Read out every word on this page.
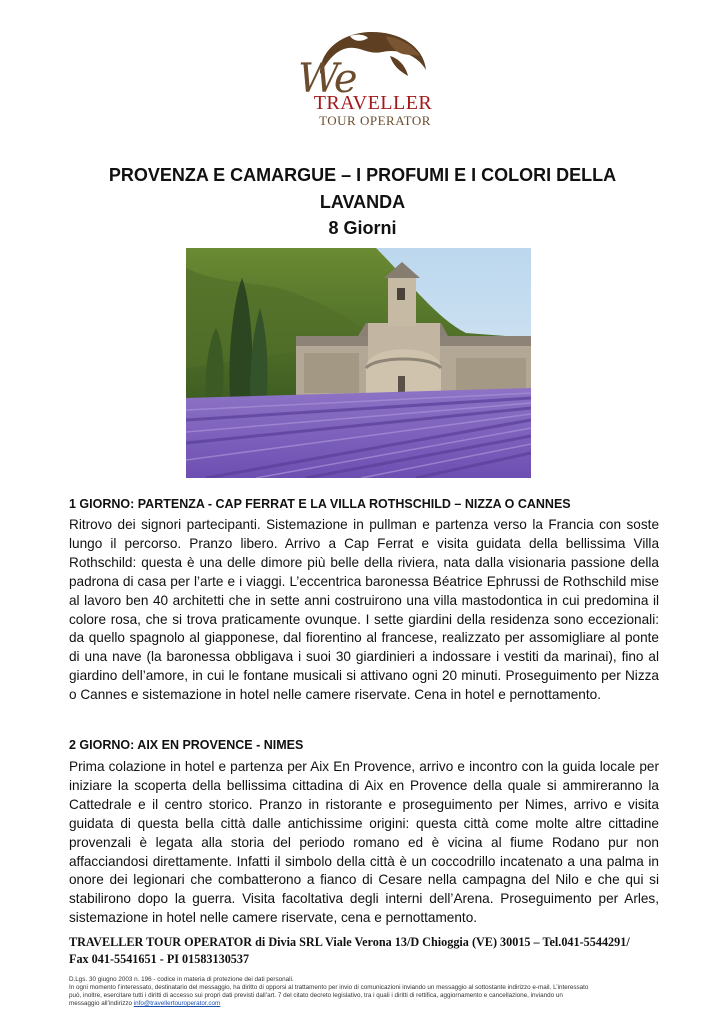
We
TRAVELLER
TOUR OPERATOR
PROVENZA E CAMARGUE – I PROFUMI E I COLORI DELLA
LAVANDA
8 Giorni
1 GIORNO: PARTENZA - CAP FERRAT E LA VILLA ROTHSCHILD – NIZZA O CANNES

Ritrovo dei signori partecipanti. Sistemazione in pullman e partenza verso la Francia con soste lungo il percorso. Pranzo libero. Arrivo a Cap Ferrat e visita guidata della bellissima Villa Rothschild: questa è una delle dimore più belle della riviera, nata dalla visionaria passione della padrona di casa per l’arte e i viaggi. L’eccentrica baronessa Béatrice Ephrussi de Rothschild mise al lavoro ben 40 architetti che in sette anni costruirono una villa mastodontica in cui predomina il colore rosa, che si trova praticamente ovunque. I sette giardini della residenza sono eccezionali: da quello spagnolo al giapponese, dal fiorentino al francese, realizzato per assomigliare al ponte di una nave (la baronessa obbligava i suoi 30 giardinieri a indossare i vestiti da marinai), fino al giardino dell’amore, in cui le fontane musicali si attivano ogni 20 minuti. Proseguimento per Nizza o Cannes e sistemazione in hotel nelle camere riservate. Cena in hotel e pernottamento.

2 GIORNO: AIX EN PROVENCE - NIMES

Prima colazione in hotel e partenza per Aix En Provence, arrivo e incontro con la guida locale per iniziare la scoperta della bellissima cittadina di Aix en Provence della quale si ammireranno la Cattedrale e il centro storico. Pranzo in ristorante e proseguimento per Nimes, arrivo e visita guidata di questa bella città dalle antichissime origini: questa città come molte altre cittadine provenzali è legata alla storia del periodo romano ed è vicina al fiume Rodano pur non affacciandosi direttamente. Infatti il simbolo della città è un coccodrillo incatenato a una palma in onore dei legionari che combatterono a fianco di Cesare nella campagna del Nilo e che qui si stabilirono dopo la guerra. Visita facoltativa degli interni dell’Arena. Proseguimento per Arles, sistemazione in hotel nelle camere riservate, cena e pernottamento.

TRAVELLER TOUR OPERATOR di Divia SRL Viale Verona 13/D Chioggia (VE) 30015 – Tel.041-5544291/
Fax 041-5541651 - PI 01583130537
D.Lgs. 30 giugno 2003 n. 196 - codice in materia di protezione dei dati personali.
In ogni momento l’interessato, destinatario del messaggio, ha diritto di opporsi al trattamento per invio di comunicazioni inviando un messaggio al sottostante indirizzo e-mail. L’interessato
può, inoltre, esercitare tutti i diritti di accesso sui propri dati previsti dall’art. 7 del citato decreto legislativo, tra i quali i diritti di rettifica, aggiornamento e cancellazione, inviando un
messaggio all’indirizzo info@travellertouroperator.com
